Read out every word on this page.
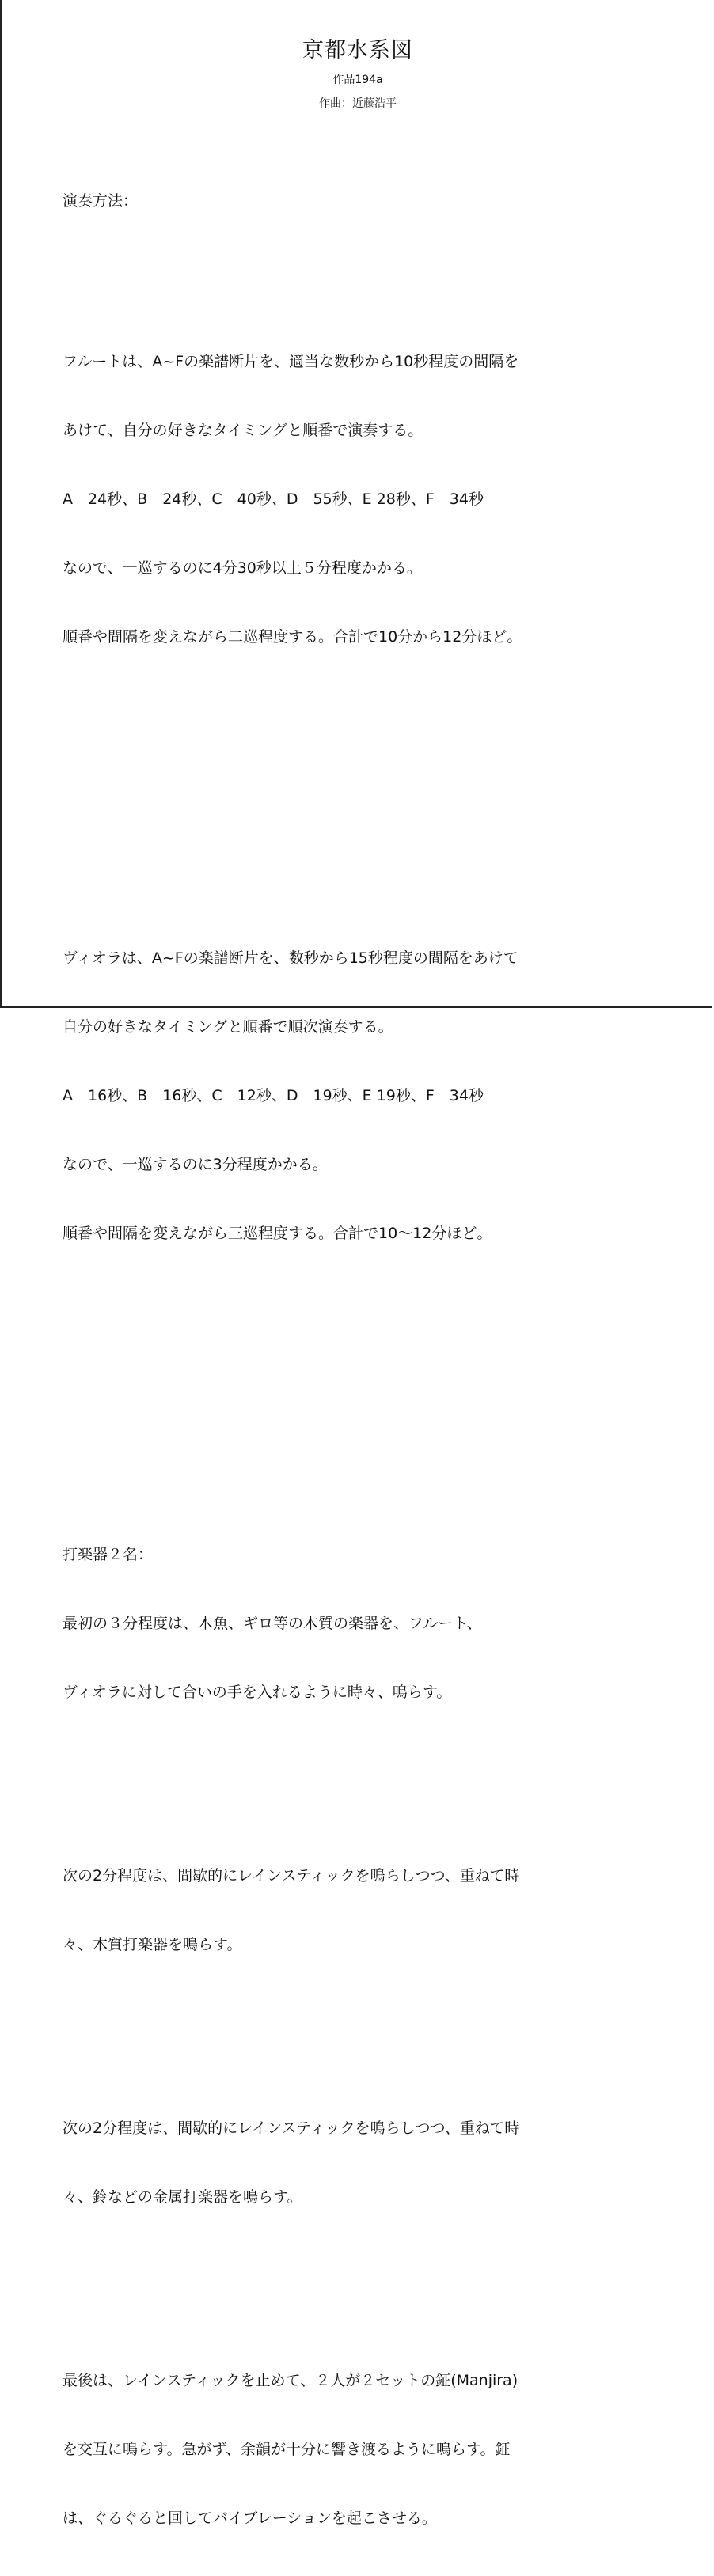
京都水系図
作品194a
作曲：近藤浩平

演奏方法：

フルートは、A~Fの楽譜断片を、適当な数秒から10秒程度の間隔を

あけて、自分の好きなタイミングと順番で演奏する。

A　24秒、B　24秒、C　40秒、D　55秒、E 28秒、F　34秒

なので、一巡するのに4分30秒以上５分程度かかる。

順番や間隔を変えながら二巡程度する。合計で10分から12分ほど。

ヴィオラは、A~Fの楽譜断片を、数秒から15秒程度の間隔をあけて

自分の好きなタイミングと順番で順次演奏する。

A　16秒、B　16秒、C　12秒、D　19秒、E 19秒、F　34秒

なので、一巡するのに3分程度かかる。

順番や間隔を変えながら三巡程度する。合計で10～12分ほど。

打楽器２名：

最初の３分程度は、木魚、ギロ等の木質の楽器を、フルート、

ヴィオラに対して合いの手を入れるように時々、鳴らす。

次の2分程度は、間歇的にレインスティックを鳴らしつつ、重ねて時

々、木質打楽器を鳴らす。

次の2分程度は、間歇的にレインスティックを鳴らしつつ、重ねて時

々、鈴などの金属打楽器を鳴らす。

最後は、レインスティックを止めて、２人が２セットの鉦(Manjira)

を交互に鳴らす。急がず、余韻が十分に響き渡るように鳴らす。鉦

は、ぐるぐると回してバイブレーションを起こさせる。
